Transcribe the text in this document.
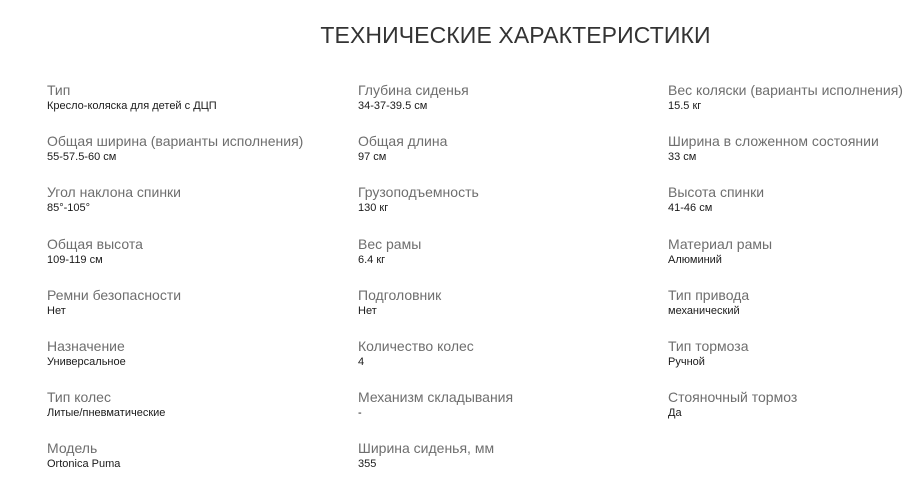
ТЕХНИЧЕСКИЕ ХАРАКТЕРИСТИКИ
Тип
Кресло-коляска для детей с ДЦП
Глубина сиденья
34-37-39.5 см
Вес коляски (варианты исполнения)
15.5 кг
Общая ширина (варианты исполнения)
55-57.5-60 см
Общая длина
97 см
Ширина в сложенном состоянии
33 см
Угол наклона спинки
85°-105°
Грузоподъемность
130 кг
Высота спинки
41-46 см
Общая высота
109-119 см
Вес рамы
6.4 кг
Материал рамы
Алюминий
Ремни безопасности
Нет
Подголовник
Нет
Тип привода
механический
Назначение
Универсальное
Количество колес
4
Тип тормоза
Ручной
Тип колес
Литые/пневматические
Механизм складывания
-
Стояночный тормоз
Да
Модель
Ortonica Puma
Ширина сиденья, мм
355
